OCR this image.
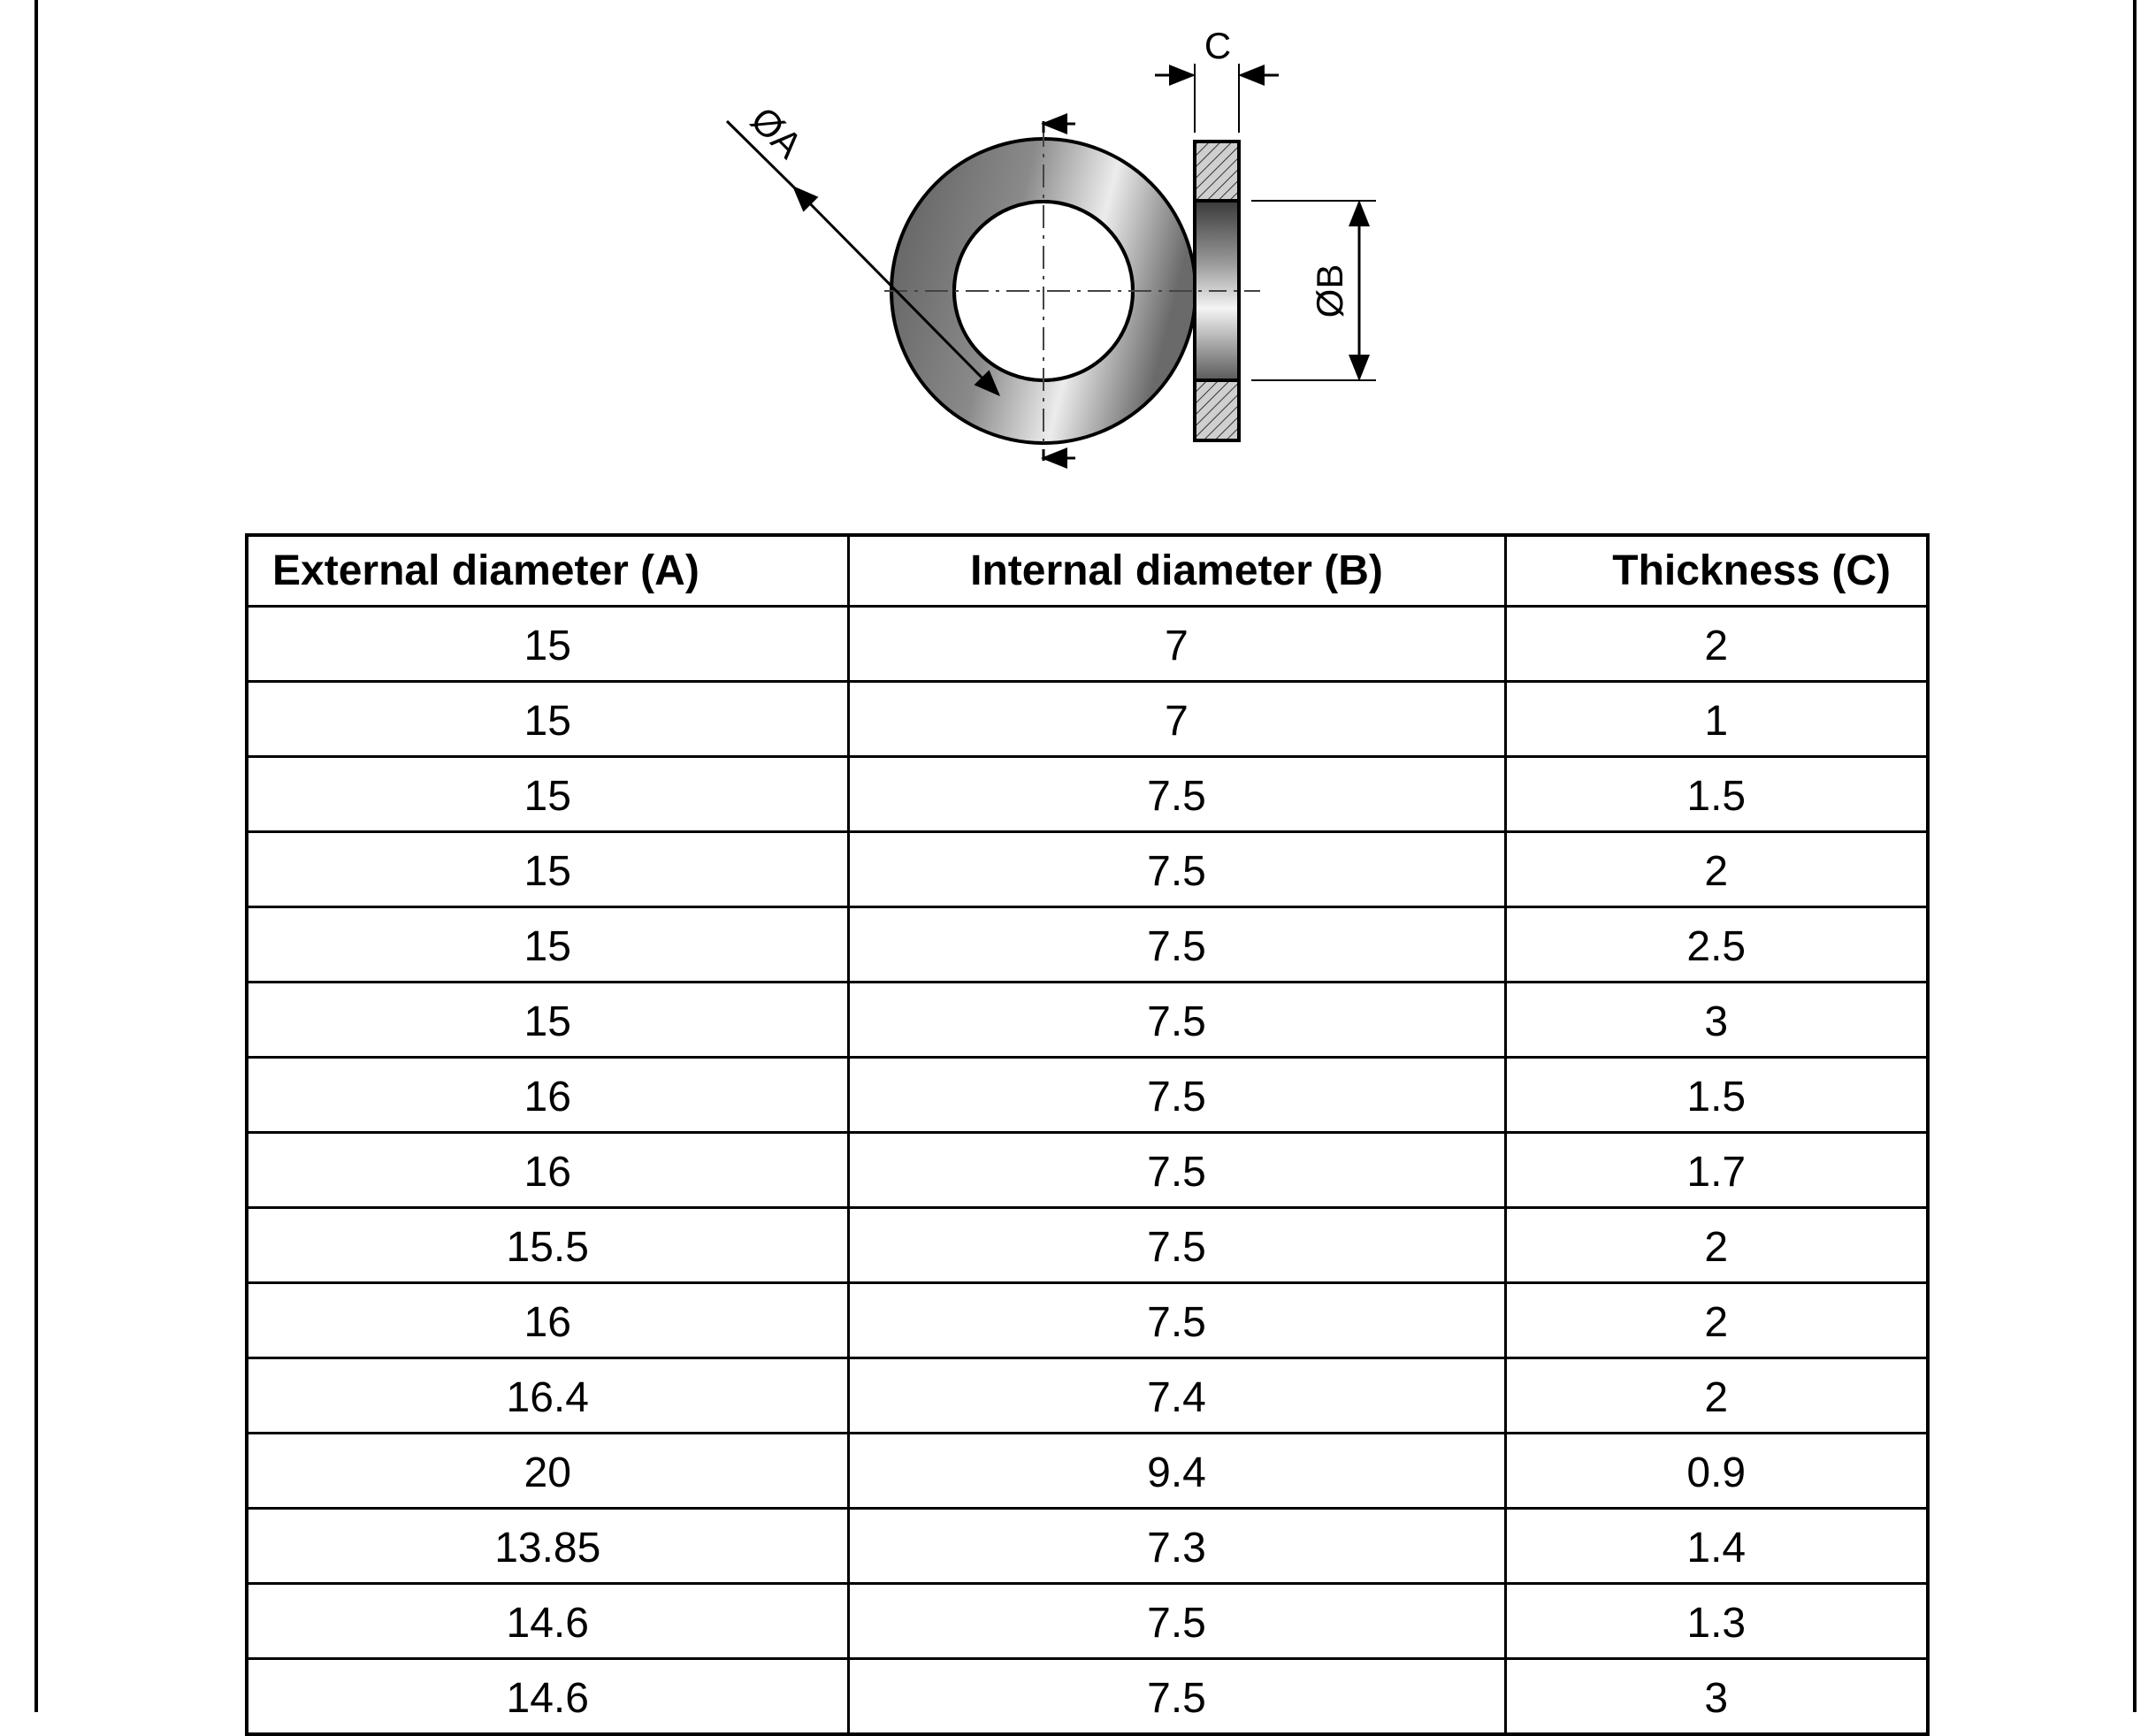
ØA
C
ØB
External diameter (A)	Internal diameter (B)	Thickness (C)
15	7	2
15	7	1
15	7.5	1.5
15	7.5	2
15	7.5	2.5
15	7.5	3
16	7.5	1.5
16	7.5	1.7
15.5	7.5	2
16	7.5	2
16.4	7.4	2
20	9.4	0.9
13.85	7.3	1.4
14.6	7.5	1.3
14.6	7.5	3
